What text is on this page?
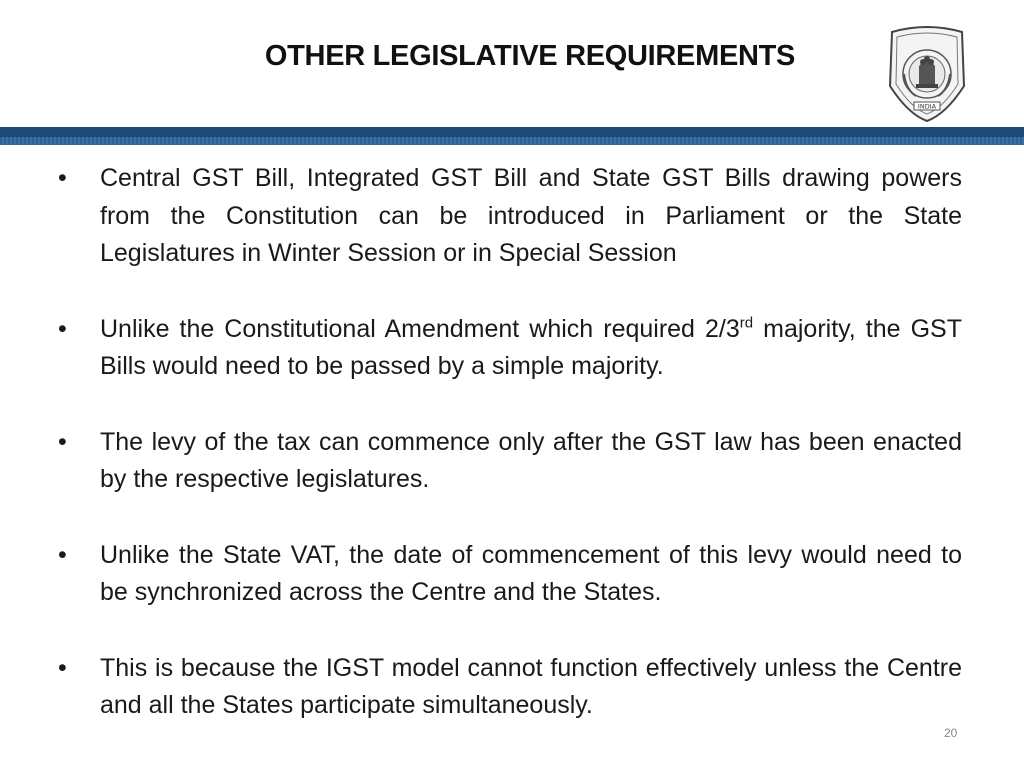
OTHER LEGISLATIVE REQUIREMENTS
INDIA
• Central GST Bill, Integrated GST Bill and State GST Bills drawing powers from the Constitution can be introduced in Parliament or the State Legislatures in Winter Session or in Special Session
• Unlike the Constitutional Amendment which required 2/3rd majority, the GST Bills would need to be passed by a simple majority.
• The levy of the tax can commence only after the GST law has been enacted by the respective legislatures.
• Unlike the State VAT, the date of commencement of this levy would need to be synchronized across the Centre and the States.
• This is because the IGST model cannot function effectively unless the Centre and all the States participate simultaneously.
20
